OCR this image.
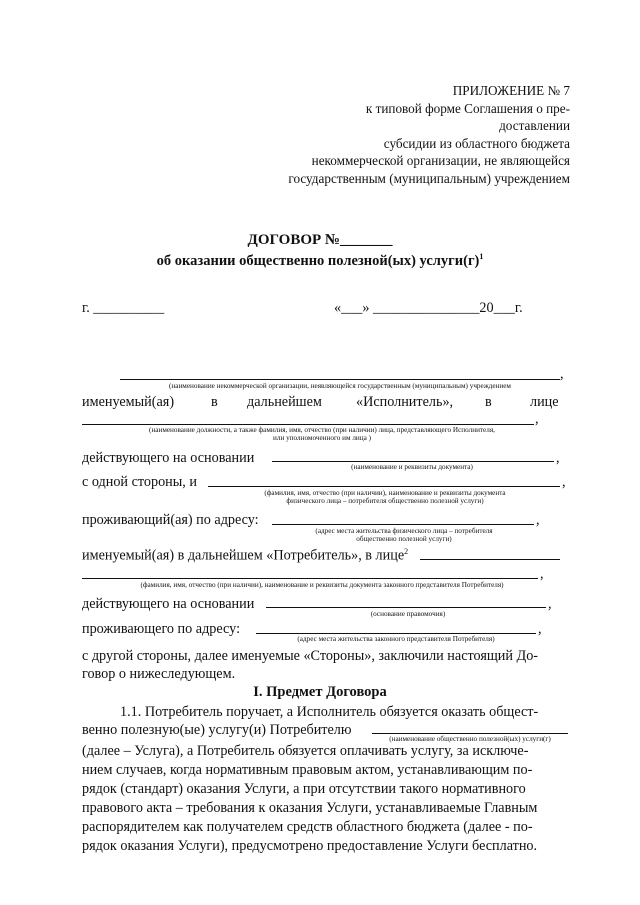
ПРИЛОЖЕНИЕ № 7
к типовой форме Соглашения о пре-
доставлении
субсидии из областного бюджета
некоммерческой организации, не являющейся
государственным (муниципальным) учреждением
ДОГОВОР №_______
об оказании общественно полезной(ых) $услуги(г)^1$
г. __________	«___» _______________20___г.
,
(наименование некоммерческой организации, неявляющейся государственным (муниципальным) учреждением
именуемый(ая)	в дальнейшем «Исполнитель», в	лице
,
(наименование должности, а также фамилия, имя, отчество (при наличии) лица, представляющего Исполнителя,
или уполномоченного им лица )
действующего на основании	,
(наименование и реквизиты документа)
с одной стороны, и	,
(фамилия, имя, отчество (при наличии), наименование и реквизиты документа
физического лица – потребителя общественно полезной услуги)
проживающий(ая) по адресу:	,
(адрес места жительства физического лица – потребителя
общественно полезной услуги)
именуемый(ая) в дальнейшем «Потребитель», в лице$^2$
,
(фамилия, имя, отчество (при наличии), наименование и реквизиты документа законного представителя Потребителя)
действующего на основании	,
(основание правомочия)
проживающего по адресу:	,
(адрес места жительства законного представителя Потребителя)
с другой стороны, далее именуемые «Стороны», заключили настоящий До-
говор о нижеследующем.
I. Предмет Договора
1.1. Потребитель поручает, а Исполнитель обязуется оказать общест-
венно полезную(ые) услугу(и) Потребителю
(наименование общественно полезной(ых) услуги(г)
(далее – Услуга), а Потребитель обязуется оплачивать услугу, за исключе-
нием случаев, когда нормативным правовым актом, устанавливающим по-
рядок (стандарт) оказания Услуги, а при отсутствии такого нормативного
правового акта – требования к оказания Услуги, устанавливаемые Главным
распорядителем как получателем средств областного бюджета (далее - по-
рядок оказания Услуги), предусмотрено предоставление Услуги бесплатно.
